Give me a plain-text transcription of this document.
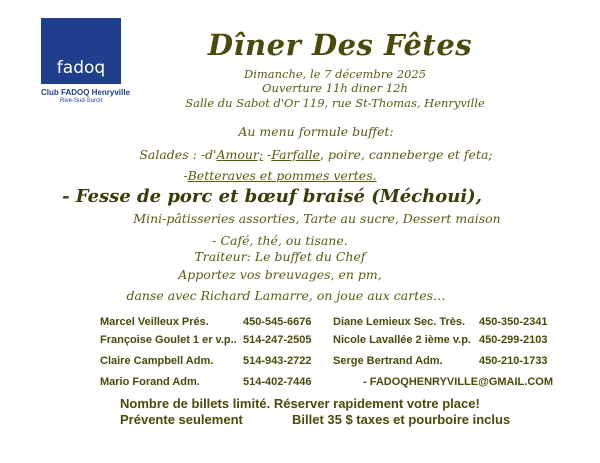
fadoq
Club FADOQ Henryville
Rive-Sud-Surcit
Dîner Des Fêtes
Dimanche, le 7 décembre 2025
Ouverture 11h diner 12h
Salle du Sabot d'Or 119, rue St-Thomas, Henryville
Au menu formule buffet:
Salades : -d'Amour; -Farfalle, poire, canneberge et feta;
-Betteraves et pommes vertes.
- Fesse de porc et bœuf braisé (Méchoui),
Mini-pâtisseries assorties, Tarte au sucre, Dessert maison
- Café, thé, ou tisane.
Traiteur: Le buffet du Chef
Apportez vos breuvages, en pm,
danse avec Richard Lamarre, on joue aux cartes…
Marcel Veilleux Prés.	450-545-6676 Diane Lemieux Sec. Très. 450-350-2341
Françoise Goulet 1 er v.p.. 514-247-2505 Nicole Lavallée 2 ième v.p. 450-299-2103
Claire Campbell Adm.	514-943-2722 Serge Bertrand Adm.	450-210-1733
Mario Forand Adm.	514-402-7446	- FADOQHENRYVILLE@GMAIL.COM
Nombre de billets limité. Réserver rapidement votre place!
Prévente seulement	Billet 35 $ taxes et pourboire inclus
